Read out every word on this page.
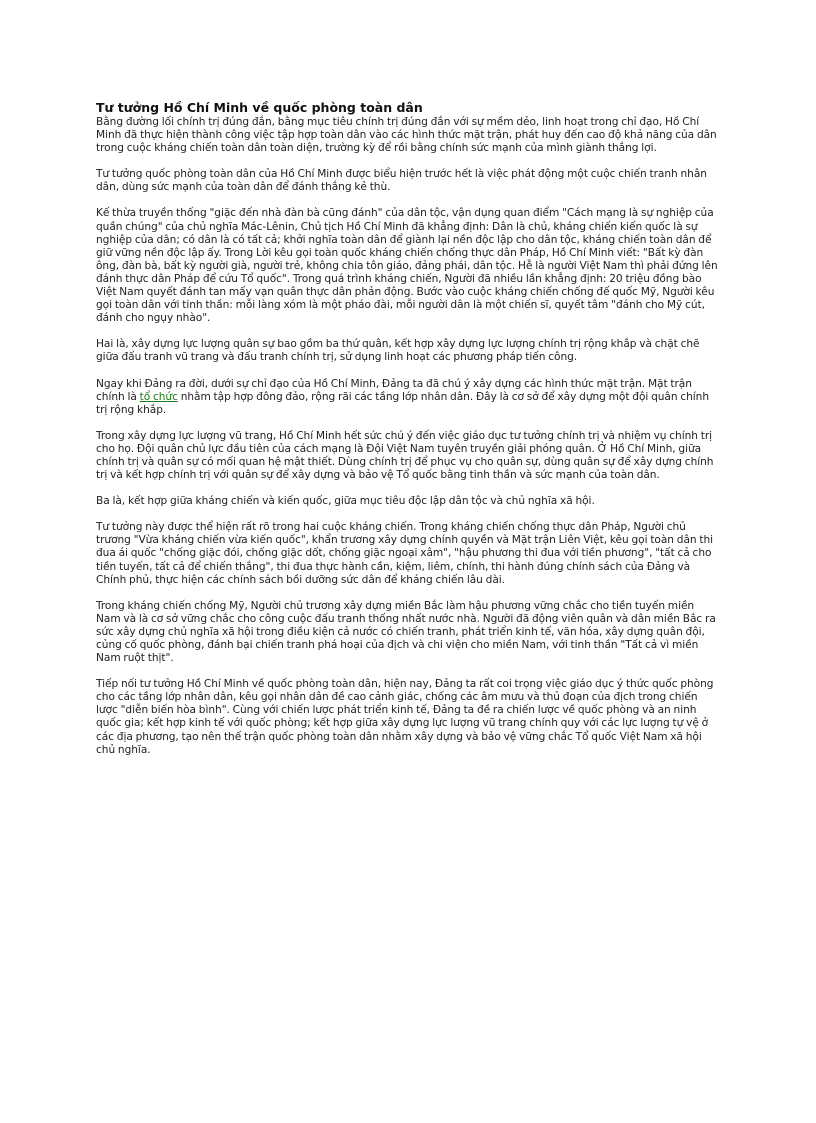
Tư tưởng Hồ Chí Minh về quốc phòng toàn dân

Bằng đường lối chính trị đúng đắn, bằng mục tiêu chính trị đúng đắn với sự mềm dẻo, linh hoạt trong chỉ đạo, Hồ Chí Minh đã thực hiện thành công việc tập hợp toàn dân vào các hình thức mặt trận, phát huy đến cao độ khả năng của dân trong cuộc kháng chiến toàn dân toàn diện, trường kỳ để rồi bằng chính sức mạnh của mình giành thắng lợi.

Tư tưởng quốc phòng toàn dân của Hồ Chí Minh được biểu hiện trước hết là việc phát động một cuộc chiến tranh nhân dân, dùng sức mạnh của toàn dân để đánh thắng kẻ thù.

Kế thừa truyền thống "giặc đến nhà đàn bà cũng đánh" của dân tộc, vận dụng quan điểm "Cách mạng là sự nghiệp của quần chúng" của chủ nghĩa Mác-Lênin, Chủ tịch Hồ Chí Minh đã khẳng định: Dân là chủ, kháng chiến kiến quốc là sự nghiệp của dân; có dân là có tất cả; khởi nghĩa toàn dân để giành lại nền độc lập cho dân tộc, kháng chiến toàn dân để giữ vững nền độc lập ấy. Trong Lời kêu gọi toàn quốc kháng chiến chống thực dân Pháp, Hồ Chí Minh viết: "Bất kỳ đàn ông, đàn bà, bất kỳ người già, người trẻ, không chia tôn giáo, đảng phái, dân tộc. Hễ là người Việt Nam thì phải đứng lên đánh thực dân Pháp để cứu Tổ quốc". Trong quá trình kháng chiến, Người đã nhiều lần khẳng định: 20 triệu đồng bào Việt Nam quyết đánh tan mấy vạn quân thực dân phản động. Bước vào cuộc kháng chiến chống đế quốc Mỹ, Người kêu gọi toàn dân với tinh thần: mỗi làng xóm là một pháo đài, mỗi người dân là một chiến sĩ, quyết tâm "đánh cho Mỹ cút, đánh cho ngụy nhào".

Hai là, xây dựng lực lượng quân sự bao gồm ba thứ quân, kết hợp xây dựng lực lượng chính trị rộng khắp và chặt chẽ giữa đấu tranh vũ trang và đấu tranh chính trị, sử dụng linh hoạt các phương pháp tiến công.

Ngay khi Đảng ra đời, dưới sự chỉ đạo của Hồ Chí Minh, Đảng ta đã chú ý xây dựng các hình thức mặt trận. Mặt trận chính là tổ chức nhằm tập hợp đông đảo, rộng rãi các tầng lớp nhân dân. Đây là cơ sở để xây dựng một đội quân chính trị rộng khắp.

Trong xây dựng lực lượng vũ trang, Hồ Chí Minh hết sức chú ý đến việc giáo dục tư tưởng chính trị và nhiệm vụ chính trị cho họ. Đội quân chủ lực đầu tiên của cách mạng là Đội Việt Nam tuyên truyền giải phóng quân. Ở Hồ Chí Minh, giữa chính trị và quân sự có mối quan hệ mật thiết. Dùng chính trị để phục vụ cho quân sự, dùng quân sự để xây dựng chính trị và kết hợp chính trị với quân sự để xây dựng và bảo vệ Tổ quốc bằng tinh thần và sức mạnh của toàn dân.

Ba là, kết hợp giữa kháng chiến và kiến quốc, giữa mục tiêu độc lập dân tộc và chủ nghĩa xã hội.

Tư tưởng này được thể hiện rất rõ trong hai cuộc kháng chiến. Trong kháng chiến chống thực dân Pháp, Người chủ trương "Vừa kháng chiến vừa kiến quốc", khẩn trương xây dựng chính quyền và Mặt trận Liên Việt, kêu gọi toàn dân thi đua ái quốc "chống giặc đói, chống giặc dốt, chống giặc ngoại xâm", "hậu phương thi đua với tiền phương", "tất cả cho tiền tuyến, tất cả để chiến thắng", thi đua thực hành cần, kiệm, liêm, chính, thi hành đúng chính sách của Đảng và Chính phủ, thực hiện các chính sách bồi dưỡng sức dân để kháng chiến lâu dài.

Trong kháng chiến chống Mỹ, Người chủ trương xây dựng miền Bắc làm hậu phương vững chắc cho tiền tuyến miền Nam và là cơ sở vững chắc cho công cuộc đấu tranh thống nhất nước nhà. Người đã động viên quân và dân miền Bắc ra sức xây dựng chủ nghĩa xã hội trong điều kiện cả nước có chiến tranh, phát triển kinh tế, văn hóa, xây dựng quân đội, củng cố quốc phòng, đánh bại chiến tranh phá hoại của địch và chi viện cho miền Nam, với tinh thần "Tất cả vì miền Nam ruột thịt".

Tiếp nối tư tưởng Hồ Chí Minh về quốc phòng toàn dân, hiện nay, Đảng ta rất coi trọng việc giáo dục ý thức quốc phòng cho các tầng lớp nhân dân, kêu gọi nhân dân đề cao cảnh giác, chống các âm mưu và thủ đoạn của địch trong chiến lược "diễn biến hòa bình". Cùng với chiến lược phát triển kinh tế, Đảng ta đề ra chiến lược về quốc phòng và an ninh quốc gia; kết hợp kinh tế với quốc phòng; kết hợp giữa xây dựng lực lượng vũ trang chính quy với các lực lượng tự vệ ở các địa phương, tạo nên thế trận quốc phòng toàn dân nhằm xây dựng và bảo vệ vững chắc Tổ quốc Việt Nam xã hội chủ nghĩa.
